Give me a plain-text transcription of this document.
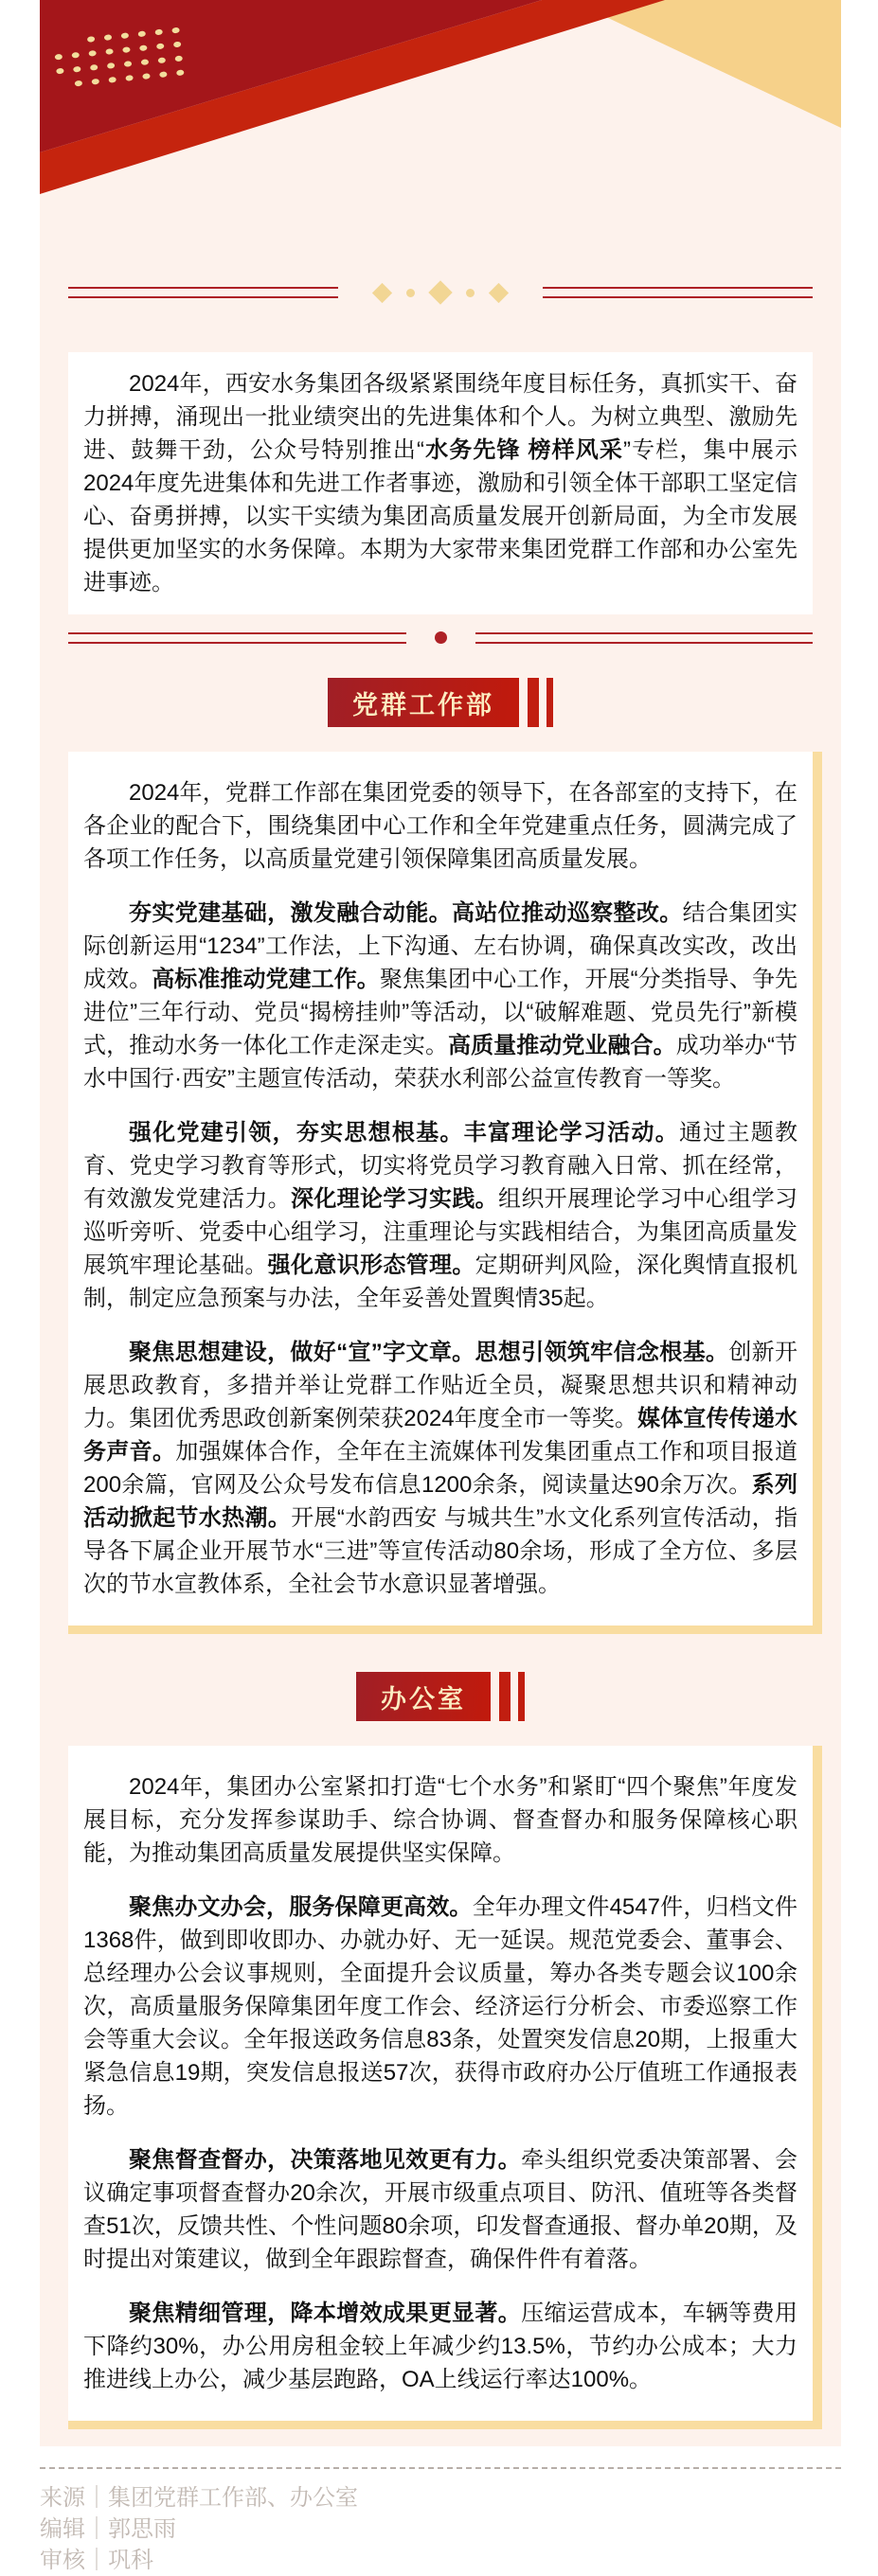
2024年，西安水务集团各级紧紧围绕年度目标任务，真抓实干、奋力拼搏，涌现出一批业绩突出的先进集体和个人。为树立典型、激励先进、鼓舞干劲，公众号特别推出“水务先锋 榜样风采”专栏，集中展示2024年度先进集体和先进工作者事迹，激励和引领全体干部职工坚定信心、奋勇拼搏，以实干实绩为集团高质量发展开创新局面，为全市发展提供更加坚实的水务保障。本期为大家带来集团党群工作部和办公室先进事迹。

党群工作部

2024年，党群工作部在集团党委的领导下，在各部室的支持下，在各企业的配合下，围绕集团中心工作和全年党建重点任务，圆满完成了各项工作任务，以高质量党建引领保障集团高质量发展。

夯实党建基础，激发融合动能。高站位推动巡察整改。结合集团实际创新运用“1234”工作法，上下沟通、左右协调，确保真改实改，改出成效。高标准推动党建工作。聚焦集团中心工作，开展“分类指导、争先进位”三年行动、党员“揭榜挂帅”等活动，以“破解难题、党员先行”新模式，推动水务一体化工作走深走实。高质量推动党业融合。成功举办“节水中国行·西安”主题宣传活动，荣获水利部公益宣传教育一等奖。

强化党建引领，夯实思想根基。丰富理论学习活动。通过主题教育、党史学习教育等形式，切实将党员学习教育融入日常、抓在经常，有效激发党建活力。深化理论学习实践。组织开展理论学习中心组学习巡听旁听、党委中心组学习，注重理论与实践相结合，为集团高质量发展筑牢理论基础。强化意识形态管理。定期研判风险，深化舆情直报机制，制定应急预案与办法，全年妥善处置舆情35起。

聚焦思想建设，做好“宣”字文章。思想引领筑牢信念根基。创新开展思政教育，多措并举让党群工作贴近全员，凝聚思想共识和精神动力。集团优秀思政创新案例荣获2024年度全市一等奖。媒体宣传传递水务声音。加强媒体合作，全年在主流媒体刊发集团重点工作和项目报道200余篇，官网及公众号发布信息1200余条，阅读量达90余万次。系列活动掀起节水热潮。开展“水韵西安 与城共生”水文化系列宣传活动，指导各下属企业开展节水“三进”等宣传活动80余场，形成了全方位、多层次的节水宣教体系，全社会节水意识显著增强。

办公室

2024年，集团办公室紧扣打造“七个水务”和紧盯“四个聚焦”年度发展目标，充分发挥参谋助手、综合协调、督查督办和服务保障核心职能，为推动集团高质量发展提供坚实保障。

聚焦办文办会，服务保障更高效。全年办理文件4547件，归档文件1368件，做到即收即办、办就办好、无一延误。规范党委会、董事会、总经理办公会议事规则，全面提升会议质量，筹办各类专题会议100余次，高质量服务保障集团年度工作会、经济运行分析会、市委巡察工作会等重大会议。全年报送政务信息83条，处置突发信息20期，上报重大紧急信息19期，突发信息报送57次，获得市政府办公厅值班工作通报表扬。

聚焦督查督办，决策落地见效更有力。牵头组织党委决策部署、会议确定事项督查督办20余次，开展市级重点项目、防汛、值班等各类督查51次，反馈共性、个性问题80余项，印发督查通报、督办单20期，及时提出对策建议，做到全年跟踪督查，确保件件有着落。

聚焦精细管理，降本增效成果更显著。压缩运营成本，车辆等费用下降约30%，办公用房租金较上年减少约13.5%，节约办公成本；大力推进线上办公，减少基层跑路，OA上线运行率达100%。

来源｜集团党群工作部、办公室
编辑｜郭思雨
审核｜巩科
